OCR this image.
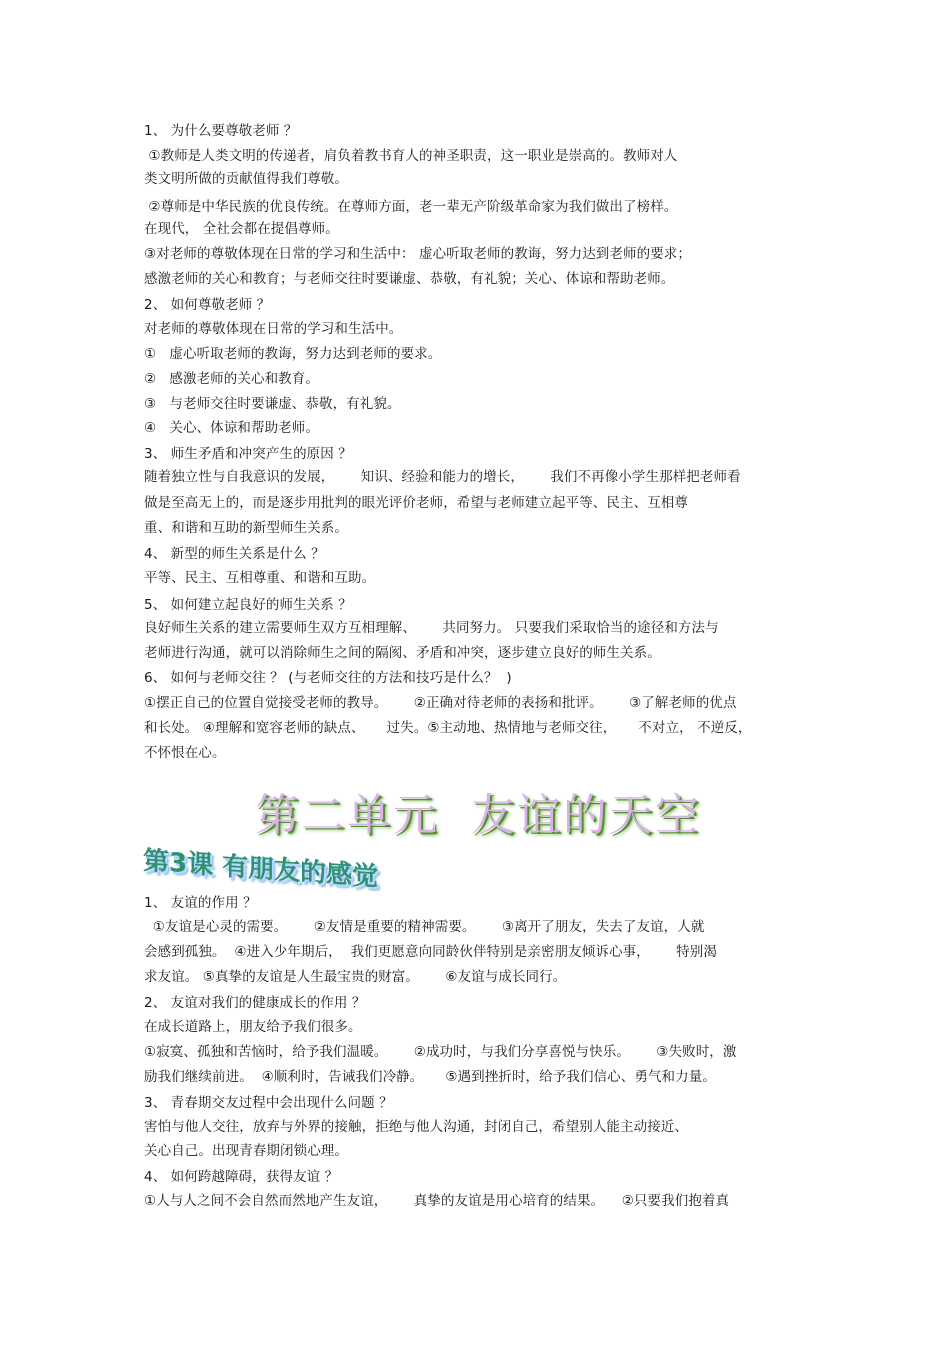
1、 为什么要尊敬老师 ？
①教师是人类文明的传递者，肩负着教书育人的神圣职责，这一职业是崇高的。教师对人
类文明所做的贡献值得我们尊敬。
②尊师是中华民族的优良传统。在尊师方面，老一辈无产阶级革命家为我们做出了榜样。
在现代， 全社会都在提倡尊师。
③对老师的尊敬体现在日常的学习和生活中： 虚心听取老师的教诲，努力达到老师的要求；
感激老师的关心和教育；与老师交往时要谦虚、恭敬，有礼貌；关心、体谅和帮助老师。
2、 如何尊敬老师 ？
对老师的尊敬体现在日常的学习和生活中。
①   虚心听取老师的教诲，努力达到老师的要求。
②   感激老师的关心和教育。
③   与老师交往时要谦虚、恭敬，有礼貌。
④   关心、体谅和帮助老师。
3、 师生矛盾和冲突产生的原因 ？
随着独立性与自我意识的发展，      知识、经验和能力的增长，      我们不再像小学生那样把老师看
做是至高无上的，而是逐步用批判的眼光评价老师，希望与老师建立起平等、民主、互相尊
重、和谐和互助的新型师生关系。
4、 新型的师生关系是什么 ？
平等、民主、互相尊重、和谐和互助。
5、 如何建立起良好的师生关系 ？
良好师生关系的建立需要师生双方互相理解、      共同努力。 只要我们采取恰当的途径和方法与
老师进行沟通，就可以消除师生之间的隔阂、矛盾和冲突，逐步建立良好的师生关系。
6、 如何与老师交往 ？ (与老师交往的方法和技巧是什么？  )
①摆正自己的位置自觉接受老师的教导。      ②正确对待老师的表扬和批评。      ③了解老师的优点
和长处。 ④理解和宽容老师的缺点、     过失。⑤主动地、热情地与老师交往，     不对立， 不逆反，
不怀恨在心。
第二单元  友谊的天空
第3课 有朋友的感觉
1、 友谊的作用 ？
①友谊是心灵的需要。      ②友情是重要的精神需要。      ③离开了朋友，失去了友谊，人就
会感到孤独。  ④进入少年期后，  我们更愿意向同龄伙伴特别是亲密朋友倾诉心事，      特别渴
求友谊。 ⑤真挚的友谊是人生最宝贵的财富。      ⑥友谊与成长同行。
2、 友谊对我们的健康成长的作用 ？
在成长道路上，朋友给予我们很多。
①寂寞、孤独和苦恼时，给予我们温暖。      ②成功时，与我们分享喜悦与快乐。      ③失败时，激
励我们继续前进。  ④顺利时，告诫我们冷静。     ⑤遇到挫折时，给予我们信心、勇气和力量。
3、 青春期交友过程中会出现什么问题 ？
害怕与他人交往，放弃与外界的接触，拒绝与他人沟通，封闭自己，希望别人能主动接近、
关心自己。出现青春期闭锁心理。
4、 如何跨越障碍，获得友谊 ？
①人与人之间不会自然而然地产生友谊，      真挚的友谊是用心培育的结果。    ②只要我们抱着真
